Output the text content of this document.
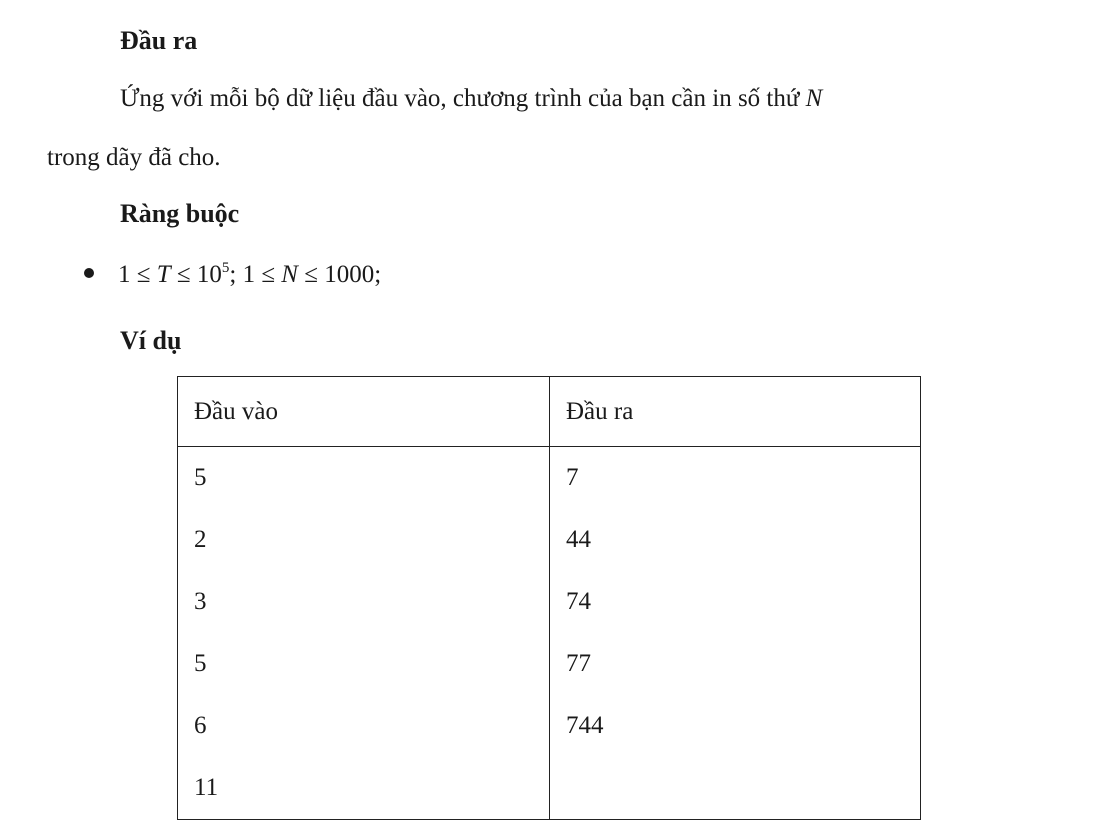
Đầu ra
Ứng với mỗi bộ dữ liệu đầu vào, chương trình của bạn cần in số thứ N
trong dãy đã cho.
Ràng buộc
$1 \le T \le 10^5$; 1 ≤ N ≤ 1000;
Ví dụ
Đầu vào	Đầu ra
5	7
2	44
3	74
5	77
6	744
11	
